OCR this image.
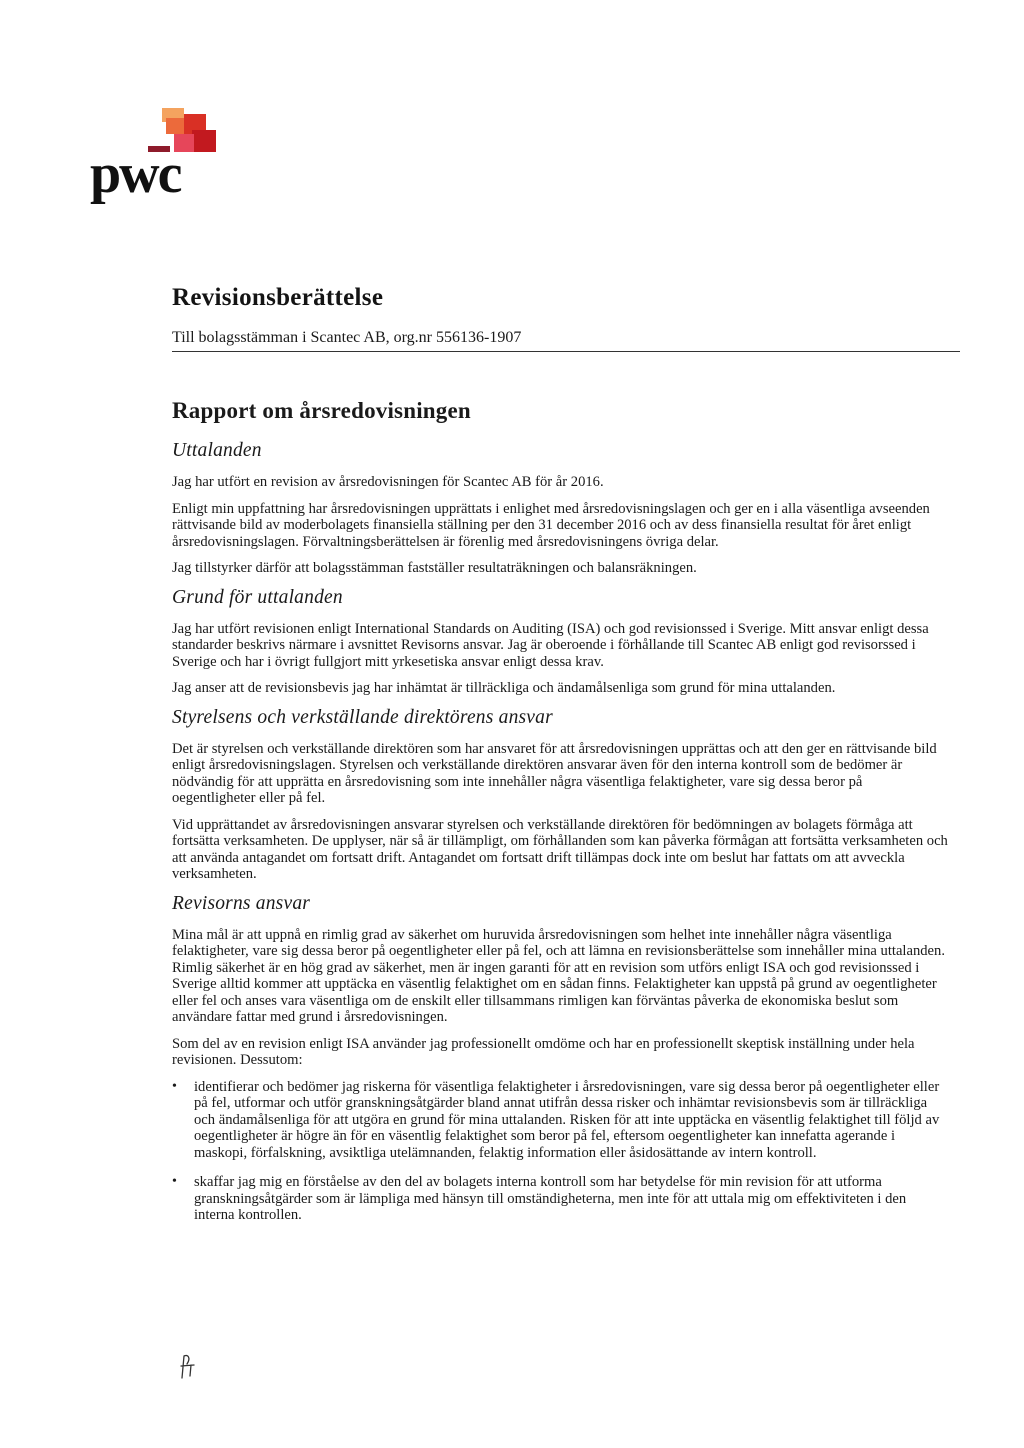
pwc
Revisionsberättelse

Till bolagsstämman i Scantec AB, org.nr 556136-1907

Rapport om årsredovisningen
Uttalanden

Jag har utfört en revision av årsredovisningen för Scantec AB för år 2016.

Enligt min uppfattning har årsredovisningen upprättats i enlighet med årsredovisningslagen och ger en i alla väsentliga avseenden rättvisande bild av moderbolagets finansiella ställning per den 31 december 2016 och av dess finansiella resultat för året enligt årsredovisningslagen. Förvaltningsberättelsen är förenlig med årsredovisningens övriga delar.

Jag tillstyrker därför att bolagsstämman fastställer resultaträkningen och balansräkningen.

Grund för uttalanden

Jag har utfört revisionen enligt International Standards on Auditing (ISA) och god revisionssed i Sverige. Mitt ansvar enligt dessa standarder beskrivs närmare i avsnittet Revisorns ansvar. Jag är oberoende i förhållande till Scantec AB enligt god revisorssed i Sverige och har i övrigt fullgjort mitt yrkesetiska ansvar enligt dessa krav.

Jag anser att de revisionsbevis jag har inhämtat är tillräckliga och ändamålsenliga som grund för mina uttalanden.

Styrelsens och verkställande direktörens ansvar

Det är styrelsen och verkställande direktören som har ansvaret för att årsredovisningen upprättas och att den ger en rättvisande bild enligt årsredovisningslagen. Styrelsen och verkställande direktören ansvarar även för den interna kontroll som de bedömer är nödvändig för att upprätta en årsredovisning som inte innehåller några väsentliga felaktigheter, vare sig dessa beror på oegentligheter eller på fel.

Vid upprättandet av årsredovisningen ansvarar styrelsen och verkställande direktören för bedömningen av bolagets förmåga att fortsätta verksamheten. De upplyser, när så är tillämpligt, om förhållanden som kan påverka förmågan att fortsätta verksamheten och att använda antagandet om fortsatt drift. Antagandet om fortsatt drift tillämpas dock inte om beslut har fattats om att avveckla verksamheten.

Revisorns ansvar

Mina mål är att uppnå en rimlig grad av säkerhet om huruvida årsredovisningen som helhet inte innehåller några väsentliga felaktigheter, vare sig dessa beror på oegentligheter eller på fel, och att lämna en revisionsberättelse som innehåller mina uttalanden. Rimlig säkerhet är en hög grad av säkerhet, men är ingen garanti för att en revision som utförs enligt ISA och god revisionssed i Sverige alltid kommer att upptäcka en väsentlig felaktighet om en sådan finns. Felaktigheter kan uppstå på grund av oegentligheter eller fel och anses vara väsentliga om de enskilt eller tillsammans rimligen kan förväntas påverka de ekonomiska beslut som användare fattar med grund i årsredovisningen.

Som del av en revision enligt ISA använder jag professionellt omdöme och har en professionellt skeptisk inställning under hela revisionen. Dessutom:

• identifierar och bedömer jag riskerna för väsentliga felaktigheter i årsredovisningen, vare sig dessa beror på oegentligheter eller på fel, utformar och utför granskningsåtgärder bland annat utifrån dessa risker och inhämtar revisionsbevis som är tillräckliga och ändamålsenliga för att utgöra en grund för mina uttalanden. Risken för att inte upptäcka en väsentlig felaktighet till följd av oegentligheter är högre än för en väsentlig felaktighet som beror på fel, eftersom oegentligheter kan innefatta agerande i maskopi, förfalskning, avsiktliga utelämnanden, felaktig information eller åsidosättande av intern kontroll.
• skaffar jag mig en förståelse av den del av bolagets interna kontroll som har betydelse för min revision för att utforma granskningsåtgärder som är lämpliga med hänsyn till omständigheterna, men inte för att uttala mig om effektiviteten i den interna kontrollen.
